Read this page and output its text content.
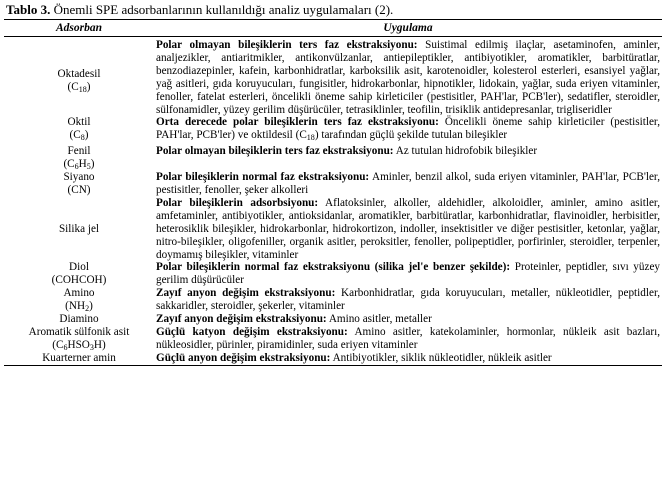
Tablo 3. Önemli SPE adsorbanlarının kullanıldığı analiz uygulamaları (2).
Adsorban	Uygulama

Oktadesil
$(C_{18})$	Polar olmayan bileşiklerin ters faz ekstraksiyonu: Suistimal edilmiş ilaçlar, asetaminofen, aminler, analjezikler, antiaritmikler, antikonvülzanlar, antiepileptikler, antibiyotikler, aromatikler, barbitüratlar, benzodiazepinler, kafein, karbonhidratlar, karboksilik asit, karotenoidler, kolesterol esterleri, esansiyel yağlar, yağ asitleri, gıda koruyucuları, fungisitler, hidrokarbonlar, hipnotikler, lidokain, yağlar, suda eriyen vitaminler, fenoller, fatelat esterleri, öncelikli öneme sahip kirleticiler (pestisitler, PAH'lar, PCB'ler), sedatifler, steroidler, sülfonamidler, yüzey gerilim düşürücüler, tetrasiklinler, teofilin, trisiklik antidepresanlar, trigliseridler

Oktil
$(C_8)$	Orta derecede polar bileşiklerin ters faz ekstraksiyonu: Öncelikli öneme sahip kirleticiler (pestisitler, PAH'lar, PCB'ler) ve oktildesil $(C_{18})$ tarafından güçlü şekilde tutulan bileşikler

Fenil
$(C_6H_5)$	Polar olmayan bileşiklerin ters faz ekstraksiyonu: Az tutulan hidrofobik bileşikler

Siyano
(CN)	Polar bileşiklerin normal faz ekstraksiyonu: Aminler, benzil alkol, suda eriyen vitaminler, PAH'lar, PCB'ler, pestisitler, fenoller, şeker alkolleri

Silika jel	Polar bileşiklerin adsorbsiyonu: Aflatoksinler, alkoller, aldehidler, alkoloidler, aminler, amino asitler, amfetaminler, antibiyotikler, antioksidanlar, aromatikler, barbitüratlar, karbonhidratlar, flavinoidler, herbisitler, heterosiklik bileşikler, hidrokarbonlar, hidrokortizon, indoller, insektisitler ve diğer pestisitler, ketonlar, yağlar, nitro-bileşikler, oligofeniller, organik asitler, peroksitler, fenoller, polipeptidler, porfirinler, steroidler, terpenler, doymamış bileşikler, vitaminler

Diol
(COHCOH)	Polar bileşiklerin normal faz ekstraksiyonu (silika jel'e benzer şekilde): Proteinler, peptidler, sıvı yüzey gerilim düşürücüler

Amino
$(NH_2)$	Zayıf anyon değişim ekstraksiyonu: Karbonhidratlar, gıda koruyucuları, metaller, nükleotidler, peptidler, sakkaridler, steroidler, şekerler, vitaminler

Diamino	Zayıf anyon değişim ekstraksiyonu: Amino asitler, metaller

Aromatik sülfonik asit
$(C_6HSO_3H)$	Güçlü katyon değişim ekstraksiyonu: Amino asitler, katekolaminler, hormonlar, nükleik asit bazları, nükleosidler, pürinler, piramidinler, suda eriyen vitaminler

Kuarterner amin	Güçlü anyon değişim ekstraksiyonu: Antibiyotikler, siklik nükleotidler, nükleik asitler
